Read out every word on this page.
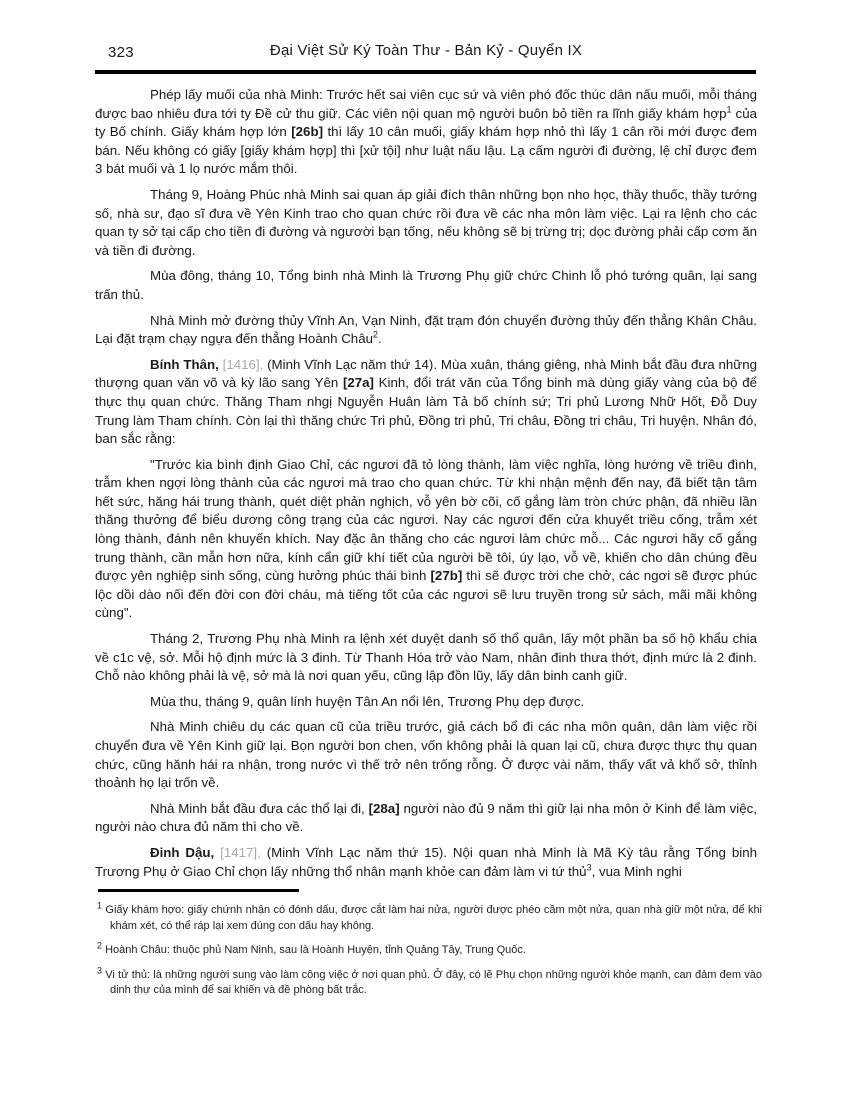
323	Đại Việt Sử Ký Toàn Thư - Bản Kỷ - Quyển IX

Phép lấy muối của nhà Minh: Trước hết sai viên cục sứ và viên phó đốc thúc dân nấu muối, mỗi tháng được bao nhiêu đưa tới ty Đề cử thu giữ. Các viên nội quan mộ người buôn bỏ tiền ra lĩnh giấy khám hợp$^1$ của ty Bố chính. Giấy khám hợp lớn [26b] thì lấy 10 cân muối, giấy khám hợp nhỏ thì lấy 1 cân rồi mới được đem bán. Nếu không có giấy [giấy khám hợp] thì [xử tội] như luật nấu lậu. Lạ cấm người đi đường, lệ chỉ được đem 3 bát muối và 1 lọ nước mắm thôi.

Tháng 9, Hoàng Phúc nhà Minh sai quan áp giải đích thân những bọn nho học, thầy thuốc, thầy tướng số, nhà sư, đạo sĩ đưa về Yên Kinh trao cho quan chức rồi đưa về các nha môn làm việc. Lại ra lệnh cho các quan ty sở tại cấp cho tiền đi đường và ngươời bạn tống, nếu không sẽ bị trừng trị; dọc đường phải cấp cơm ăn và tiền đi đường.

Mùa đông, tháng 10, Tổng binh nhà Minh là Trương Phụ giữ chức Chinh lỗ phó tướng quân, lại sang trấn thủ.

Nhà Minh mở đường thủy Vĩnh An, Vạn Ninh, đặt trạm đón chuyển đường thủy đến thẳng Khân Châu. Lại đặt trạm chạy ngựa đến thẳng Hoành Châu$^2$.

Bính Thân, [1416], (Minh Vĩnh Lạc năm thứ 14). Mùa xuân, tháng giêng, nhà Minh bắt đầu đưa những thượng quan văn võ và kỳ lão sang Yên [27a] Kinh, đổi trát văn của Tổng binh mà dùng giấy vàng của bộ để thực thụ quan chức. Thăng Tham nhgị Nguyễn Huân làm Tả bố chính sứ; Tri phủ Lương Nhữ Hốt, Đỗ Duy Trung làm Tham chính. Còn lại thì thăng chức Tri phủ, Đồng tri phủ, Tri châu, Đồng tri châu, Tri huyện. Nhân đó, ban sắc rằng:

"Trước kia bình định Giao Chỉ, các ngươi đã tỏ lòng thành, làm việc nghĩa, lòng hướng về triều đình, trẫm khen ngợi lòng thành của các ngươi mà trao cho quan chức. Từ khi nhận mệnh đến nay, đã biết tận tâm hết sức, hăng hái trung thành, quét diệt phản nghịch, vỗ yên bờ cõi, cố gắng làm tròn chức phận, đã nhiều lần thăng thưởng để biểu dương công trạng của các ngươi. Nay các ngươi đến cửa khuyết triều cống, trẫm xét lòng thành, đánh nên khuyến khích. Nay đặc ân thăng cho các ngươi làm chức mỗ... Các ngươi hãy cố gắng trung thành, cần mẫn hơn nữa, kính cẩn giữ khí tiết của người bề tôi, úy lạo, vỗ về, khiến cho dân chúng đều được yên nghiệp sinh sống, cùng hưởng phúc thái bình [27b] thì sẽ được trời che chở, các ngơi sẽ được phúc lộc dồi dào nối đến đời con đời cháu, mà tiếng tốt của các ngươi sẽ lưu truyền trong sử sách, mãi mãi không cùng".

Tháng 2, Trương Phụ nhà Minh ra lệnh xét duyệt danh số thổ quân, lấy một phần ba số hộ khẩu chia về c1c vệ, sở. Mỗi hộ định mức là 3 đinh. Từ Thanh Hóa trở vào Nam, nhân đinh thưa thớt, định mức là 2 đinh. Chỗ nào không phải là vệ, sở mà là nơi quan yếu, cũng lập đồn lũy, lấy dân binh canh giữ.

Mùa thu, tháng 9, quân lính huyện Tân An nổi lên, Trương Phụ dẹp được.

Nhà Minh chiêu dụ các quan cũ của triều trước, giả cách bổ đi các nha môn quân, dân làm việc rồi chuyển đưa về Yên Kinh giữ lại. Bọn người bon chen, vốn không phải là quan lại cũ, chưa được thực thụ quan chức, cũng hănh hái ra nhận, trong nước vì thế trở nên trống rỗng. Ở được vài năm, thấy vất vả khổ sở, thỉnh thoảnh họ lại trốn về.

Nhà Minh bắt đầu đưa các thổ lại đi, [28a] người nào đủ 9 năm thì giữ lại nha môn ở Kinh để làm việc, người nào chưa đủ năm thì cho về.

Đinh Dậu, [1417], (Minh Vĩnh Lạc năm thứ 15). Nội quan nhà Minh là Mã Kỳ tâu rằng Tổng binh Trương Phụ ở Giao Chỉ chọn lấy những thổ nhân mạnh khỏe can đảm làm vi tứ thủ$^3$, vua Minh nghi

$^1$ Giấy khám hợo: giấy chứnh nhận có đónh dấu, được cắt làm hai nửa, người được phéo cầm một nửa, quan nhà giữ một nửa, để khi khám xét, có thể ráp lại xem đúng con dấu hay không.
$^2$ Hoành Châu: thuộc phủ Nam Ninh, sau là Hoành Huyện, tỉnh Quảng Tây, Trung Quốc.
$^3$ Vi tử thủ: là những người sung vào làm công việc ở nơi quan phủ. Ở đây, có lẽ Phụ chọn những người khỏe mạnh, can đảm đem vào dinh thự của mình để sai khiến và đề phòng bất trắc.
